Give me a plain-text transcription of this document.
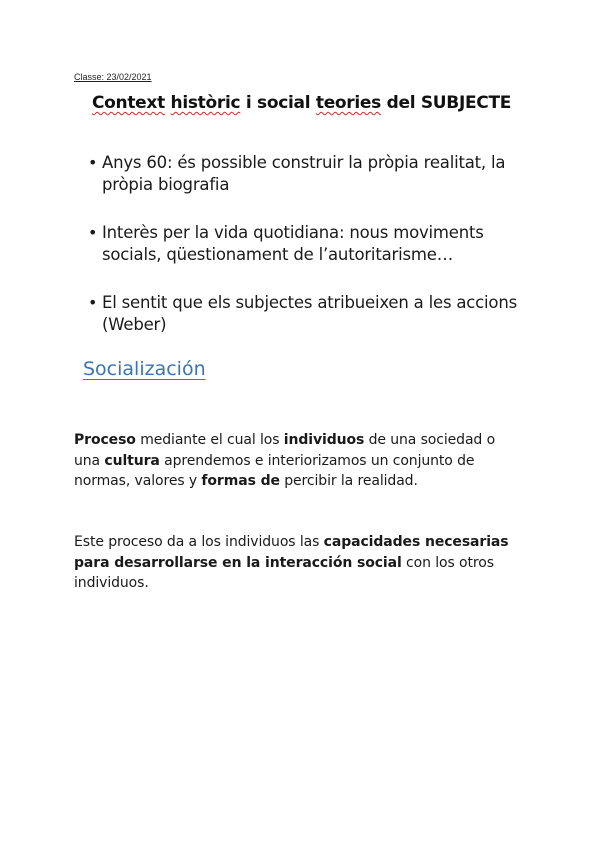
Classe: 23/02/2021
Context històric i social teories del SUBJECTE
• Anys 60: és possible construir la pròpia realitat, la pròpia biografia
• Interès per la vida quotidiana: nous moviments socials, qüestionament de l’autoritarisme…
• El sentit que els subjectes atribueixen a les accions (Weber)
Socialización

Proceso mediante el cual los individuos de una sociedad o una cultura aprendemos e interiorizamos un conjunto de normas, valores y formas de percibir la realidad.

Este proceso da a los individuos las capacidades necesarias para desarrollarse en la interacción social con los otros individuos.
